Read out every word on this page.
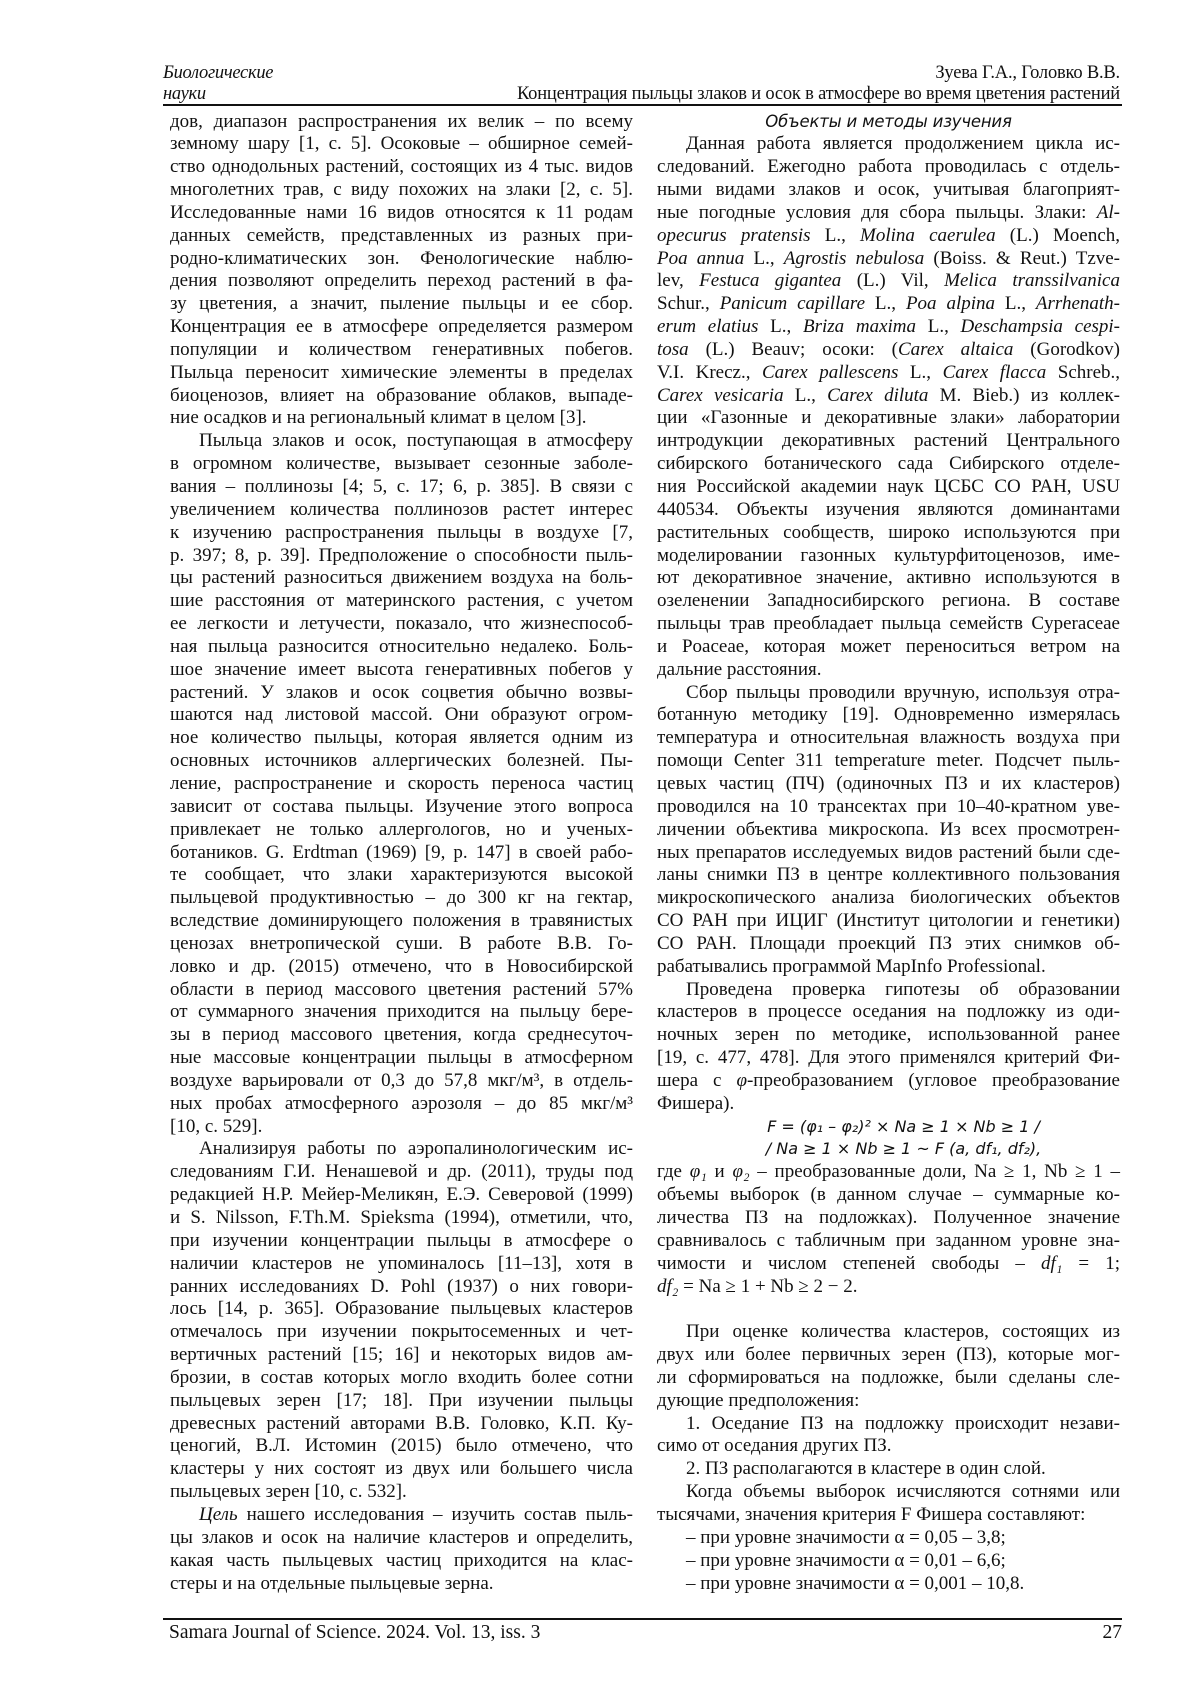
Биологические	Зуева Г.А., Головко В.В.
науки	Концентрация пыльцы злаков и осок в атмосфере во время цветения растений
дов, диапазон распространения их велик – по всему
земному шару [1, с. 5]. Осоковые – обширное семей-
ство однодольных растений, состоящих из 4 тыс. видов
многолетних трав, с виду похожих на злаки [2, с. 5].
Исследованные нами 16 видов относятся к 11 родам
данных семейств, представленных из разных при-
родно-климатических зон. Фенологические наблю-
дения позволяют определить переход растений в фа-
зу цветения, а значит, пыление пыльцы и ее сбор.
Концентрация ее в атмосфере определяется размером
популяции и количеством генеративных побегов.
Пыльца переносит химические элементы в пределах
биоценозов, влияет на образование облаков, выпаде-
ние осадков и на региональный климат в целом [3].
Пыльца злаков и осок, поступающая в атмосферу
в огромном количестве, вызывает сезонные заболе-
вания – поллинозы [4; 5, с. 17; 6, р. 385]. В связи с
увеличением количества поллинозов растет интерес
к изучению распространения пыльцы в воздухе [7,
р. 397; 8, р. 39]. Предположение о способности пыль-
цы растений разноситься движением воздуха на боль-
шие расстояния от материнского растения, с учетом
ее легкости и летучести, показало, что жизнеспособ-
ная пыльца разносится относительно недалеко. Боль-
шое значение имеет высота генеративных побегов у
растений. У злаков и осок соцветия обычно возвы-
шаются над листовой массой. Они образуют огром-
ное количество пыльцы, которая является одним из
основных источников аллергических болезней. Пы-
ление, распространение и скорость переноса частиц
зависит от состава пыльцы. Изучение этого вопроса
привлекает не только аллергологов, но и ученых-
ботаников. G. Erdtman (1969) [9, р. 147] в своей рабо-
те сообщает, что злаки характеризуются высокой
пыльцевой продуктивностью – до 300 кг на гектар,
вследствие доминирующего положения в травянистых
ценозах внетропической суши. В работе В.В. Го-
ловко и др. (2015) отмечено, что в Новосибирской
области в период массового цветения растений 57%
от суммарного значения приходится на пыльцу бере-
зы в период массового цветения, когда среднесуточ-
ные массовые концентрации пыльцы в атмосферном
воздухе варьировали от 0,3 до 57,8 мкг/м³, в отдель-
ных пробах атмосферного аэрозоля – до 85 мкг/м³
[10, с. 529].
Анализируя работы по аэропалинологическим ис-
следованиям Г.И. Ненашевой и др. (2011), труды под
редакцией Н.Р. Мейер-Меликян, Е.Э. Северовой (1999)
и S. Nilsson, F.Th.M. Spieksma (1994), отметили, что,
при изучении концентрации пыльцы в атмосфере о
наличии кластеров не упоминалось [11–13], хотя в
ранних исследованиях D. Pohl (1937) о них говори-
лось [14, р. 365]. Образование пыльцевых кластеров
отмечалось при изучении покрытосеменных и чет-
вертичных растений [15; 16] и некоторых видов ам-
брозии, в состав которых могло входить более сотни
пыльцевых зерен [17; 18]. При изучении пыльцы
древесных растений авторами В.В. Головко, К.П. Ку-
ценогий, В.Л. Истомин (2015) было отмечено, что
кластеры у них состоят из двух или большего числа
пыльцевых зерен [10, с. 532].
Цель нашего исследования – изучить состав пыль-
цы злаков и осок на наличие кластеров и определить,
какая часть пыльцевых частиц приходится на клас-
стеры и на отдельные пыльцевые зерна.
Объекты и методы изучения
Данная работа является продолжением цикла ис-
следований. Ежегодно работа проводилась с отдель-
ными видами злаков и осок, учитывая благоприят-
ные погодные условия для сбора пыльцы. Злаки: Al-
opecurus pratensis L., Molina caerulea (L.) Moench,
Poa annua L., Agrostis nebulosa (Boiss. & Reut.) Tzve-
lev, Festuca gigantea (L.) Vil, Melica transsilvanica
Schur., Panicum capillare L., Poa alpina L., Arrhenath-
erum elatius L., Briza maxima L., Deschampsia cespi-
tosa (L.) Beauv; осоки: (Carex altaica (Gorodkov)
V.I. Krecz., Carex pallescens L., Carex flacca Schreb.,
Carex vesicaria L., Carex diluta M. Bieb.) из коллек-
ции «Газонные и декоративные злаки» лаборатории
интродукции декоративных растений Центрального
сибирского ботанического сада Сибирского отделе-
ния Российской академии наук ЦСБС СО РАН, USU
440534. Объекты изучения являются доминантами
растительных сообществ, широко используются при
моделировании газонных культурфитоценозов, име-
ют декоративное значение, активно используются в
озеленении Западносибирского региона. В составе
пыльцы трав преобладает пыльца семейств Cyperaceae
и Poaceae, которая может переноситься ветром на
дальние расстояния.
Сбор пыльцы проводили вручную, используя отра-
ботанную методику [19]. Одновременно измерялась
температура и относительная влажность воздуха при
помощи Center 311 temperature meter. Подсчет пыль-
цевых частиц (ПЧ) (одиночных ПЗ и их кластеров)
проводился на 10 трансектах при 10–40-кратном уве-
личении объектива микроскопа. Из всех просмотрен-
ных препаратов исследуемых видов растений были сде-
ланы снимки ПЗ в центре коллективного пользования
микроскопического анализа биологических объектов
СО РАН при ИЦИГ (Институт цитологии и генетики)
СО РАН. Площади проекций ПЗ этих снимков об-
рабатывались программой MapInfo Professional.
Проведена проверка гипотезы об образовании
кластеров в процессе оседания на подложку из оди-
ночных зерен по методике, использованной ранее
[19, с. 477, 478]. Для этого применялся критерий Фи-
шера с φ-преобразованием (угловое преобразование
Фишера).
F = (φ₁ – φ₂)² × Na ≥ 1 × Nb ≥ 1 /
/ Na ≥ 1 × Nb ≥ 1 ~ F (a, df₁, df₂),
где φ₁ и φ₂ – преобразованные доли, Na ≥ 1, Nb ≥ 1 –
объемы выборок (в данном случае – суммарные ко-
личества ПЗ на подложках). Полученное значение
сравнивалось с табличным при заданном уровне зна-
чимости и числом степеней свободы – df₁ = 1;
df₂ = Na ≥ 1 + Nb ≥ 2 − 2.
При оценке количества кластеров, состоящих из
двух или более первичных зерен (ПЗ), которые мог-
ли сформироваться на подложке, были сделаны сле-
дующие предположения:
1. Оседание ПЗ на подложку происходит незави-
симо от оседания других ПЗ.
2. ПЗ располагаются в кластере в один слой.
Когда объемы выборок исчисляются сотнями или
тысячами, значения критерия F Фишера составляют:
– при уровне значимости α = 0,05 – 3,8;
– при уровне значимости α = 0,01 – 6,6;
– при уровне значимости α = 0,001 – 10,8.
Samara Journal of Science. 2024. Vol. 13, iss. 3	27
